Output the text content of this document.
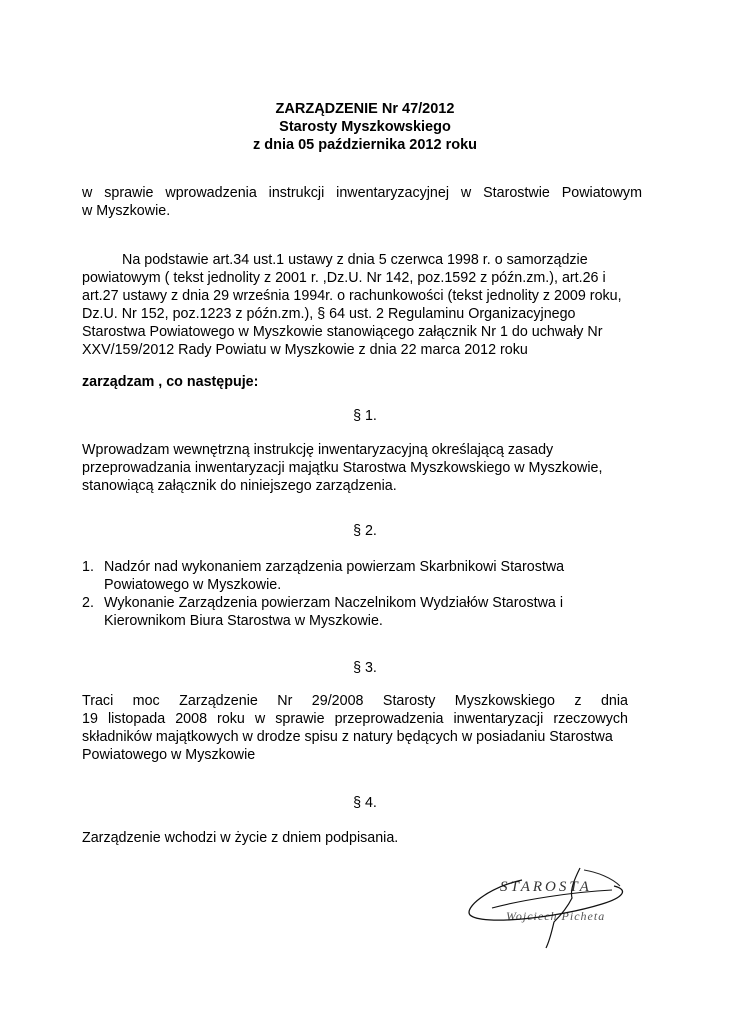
ZARZĄDZENIE Nr 47/2012
Starosty Myszkowskiego
z dnia 05 października 2012 roku
w sprawie wprowadzenia instrukcji inwentaryzacyjnej w Starostwie Powiatowym
w Myszkowie.
Na podstawie art.34 ust.1 ustawy z dnia 5 czerwca 1998 r. o samorządzie
powiatowym ( tekst jednolity z 2001 r. ,Dz.U. Nr 142, poz.1592 z późn.zm.), art.26 i
art.27 ustawy z dnia 29 września 1994r. o rachunkowości (tekst jednolity z 2009 roku,
Dz.U. Nr 152, poz.1223 z późn.zm.), § 64 ust. 2 Regulaminu Organizacyjnego
Starostwa Powiatowego w Myszkowie stanowiącego załącznik Nr 1 do uchwały Nr
XXV/159/2012 Rady Powiatu w Myszkowie z dnia 22 marca 2012 roku
zarządzam , co następuje:
§ 1.
Wprowadzam wewnętrzną instrukcję inwentaryzacyjną określającą zasady
przeprowadzania inwentaryzacji majątku Starostwa Myszkowskiego w Myszkowie,
stanowiącą załącznik do niniejszego zarządzenia.
§ 2.
1. Nadzór nad wykonaniem zarządzenia powierzam Skarbnikowi Starostwa
Powiatowego w Myszkowie.
2. Wykonanie Zarządzenia powierzam Naczelnikom Wydziałów Starostwa i
Kierownikom Biura Starostwa w Myszkowie.
§ 3.
Traci moc Zarządzenie Nr 29/2008 Starosty Myszkowskiego z dnia
19 listopada 2008 roku w sprawie przeprowadzenia inwentaryzacji rzeczowych
składników majątkowych w drodze spisu z natury będących w posiadaniu Starostwa
Powiatowego w Myszkowie
§ 4.
Zarządzenie wchodzi w życie z dniem podpisania.
STAROSTA
Wojciech Picheta
